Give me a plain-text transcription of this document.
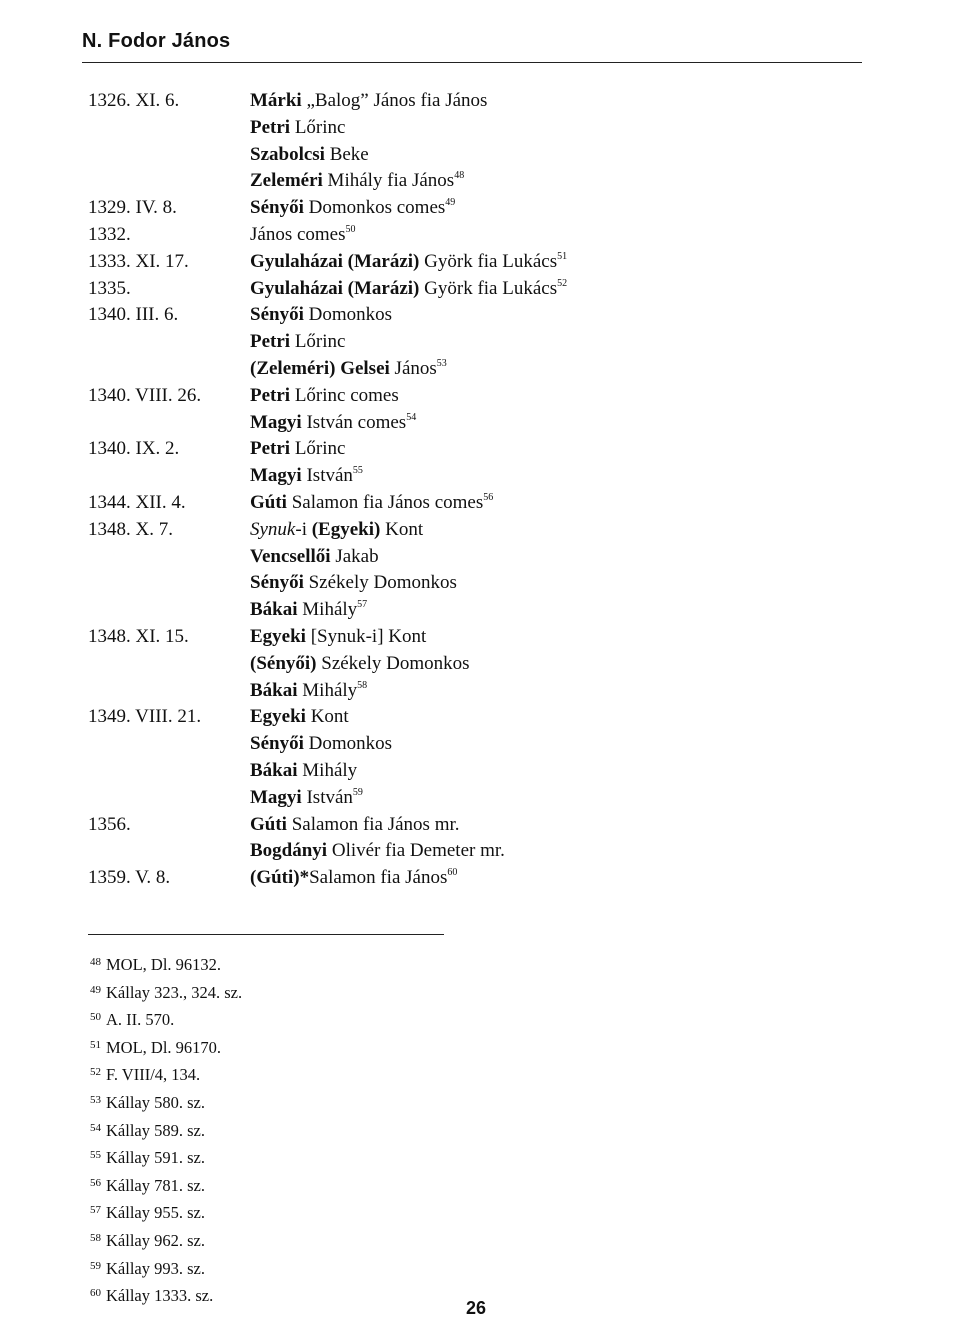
N. Fodor János
1326. XI. 6.	Márki „Balog” János fia János
Petri Lőrinc
Szabolcsi Beke
Zeleméri Mihály fia János$^{48}$
1329. IV. 8.	Sényői Domonkos comes$^{49}$
1332.	János comes$^{50}$
1333. XI. 17.	Gyulaházai (Marázi) Györk fia Lukács$^{51}$
1335.	Gyulaházai (Marázi) Györk fia Lukács$^{52}$
1340. III. 6.	Sényői Domonkos
Petri Lőrinc
(Zeleméri) Gelsei János$^{53}$
1340. VIII. 26.	Petri Lőrinc comes
Magyi István comes$^{54}$
1340. IX. 2.	Petri Lőrinc
Magyi István$^{55}$
1344. XII. 4.	Gúti Salamon fia János comes$^{56}$
1348. X. 7.	Synuk-i (Egyeki) Kont
Vencsellői Jakab
Sényői Székely Domonkos
Bákai Mihály$^{57}$
1348. XI. 15.	Egyeki [Synuk-i] Kont
(Sényői) Székely Domonkos
Bákai Mihály$^{58}$
1349. VIII. 21.	Egyeki Kont
Sényői Domonkos
Bákai Mihály
Magyi István$^{59}$
1356.	Gúti Salamon fia János mr.
Bogdányi Olivér fia Demeter mr.
1359. V. 8.	(Gúti)*Salamon fia János$^{60}$
$^{48}$ MOL, Dl. 96132.
$^{49}$ Kállay 323., 324. sz.
$^{50}$ A. II. 570.
$^{51}$ MOL, Dl. 96170.
$^{52}$ F. VIII/4, 134.
$^{53}$ Kállay 580. sz.
$^{54}$ Kállay 589. sz.
$^{55}$ Kállay 591. sz.
$^{56}$ Kállay 781. sz.
$^{57}$ Kállay 955. sz.
$^{58}$ Kállay 962. sz.
$^{59}$ Kállay 993. sz.
$^{60}$ Kállay 1333. sz.
26
